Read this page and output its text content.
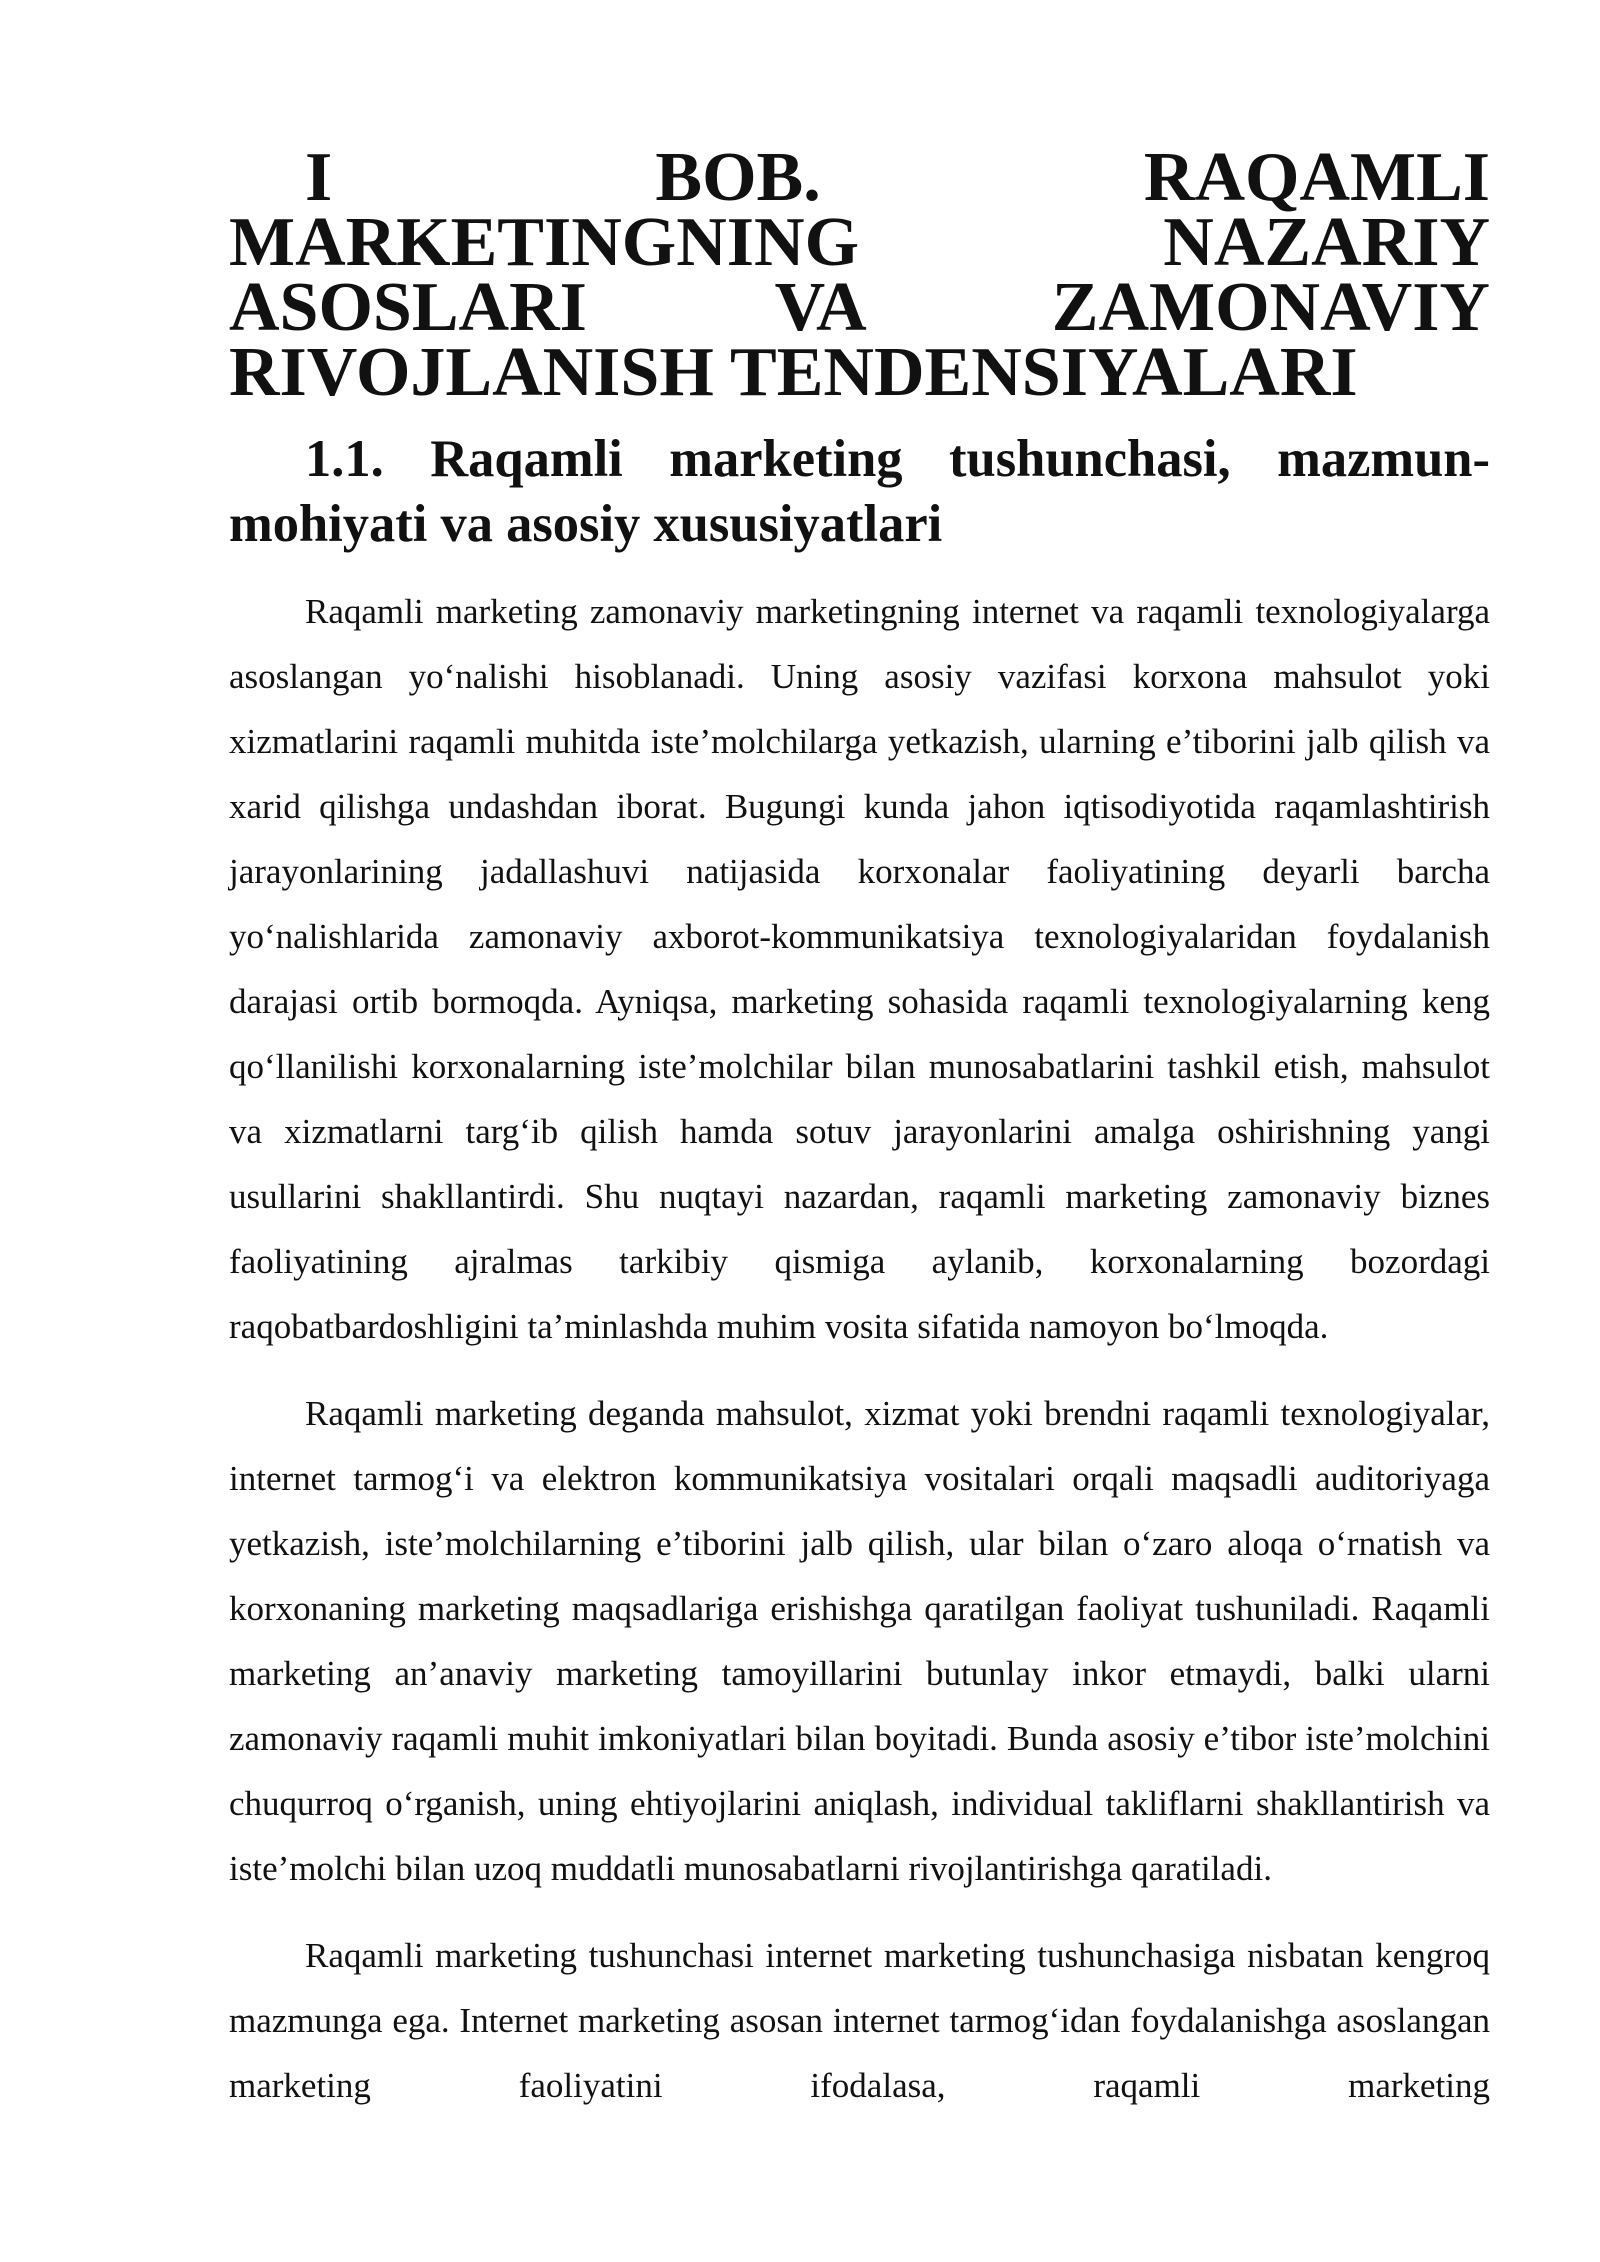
I BOB. RAQAMLI MARKETINGNING NAZARIY ASOSLARI VA ZAMONAVIY RIVOJLANISH TENDENSIYALARI
1.1. Raqamli marketing tushunchasi, mazmun-mohiyati va asosiy xususiyatlari

Raqamli marketing zamonaviy marketingning internet va raqamli texnologiyalarga asoslangan yo‘nalishi hisoblanadi. Uning asosiy vazifasi korxona mahsulot yoki xizmatlarini raqamli muhitda iste’molchilarga yetkazish, ularning e’tiborini jalb qilish va xarid qilishga undashdan iborat. Bugungi kunda jahon iqtisodiyotida raqamlashtirish jarayonlarining jadallashuvi natijasida korxonalar faoliyatining deyarli barcha yo‘nalishlarida zamonaviy axborot-kommunikatsiya texnologiyalaridan foydalanish darajasi ortib bormoqda. Ayniqsa, marketing sohasida raqamli texnologiyalarning keng qo‘llanilishi korxonalarning iste’molchilar bilan munosabatlarini tashkil etish, mahsulot va xizmatlarni targ‘ib qilish hamda sotuv jarayonlarini amalga oshirishning yangi usullarini shakllantirdi. Shu nuqtayi nazardan, raqamli marketing zamonaviy biznes faoliyatining ajralmas tarkibiy qismiga aylanib, korxonalarning bozordagi raqobatbardoshligini ta’minlashda muhim vosita sifatida namoyon bo‘lmoqda.

Raqamli marketing deganda mahsulot, xizmat yoki brendni raqamli texnologiyalar, internet tarmog‘i va elektron kommunikatsiya vositalari orqali maqsadli auditoriyaga yetkazish, iste’molchilarning e’tiborini jalb qilish, ular bilan o‘zaro aloqa o‘rnatish va korxonaning marketing maqsadlariga erishishga qaratilgan faoliyat tushuniladi. Raqamli marketing an’anaviy marketing tamoyillarini butunlay inkor etmaydi, balki ularni zamonaviy raqamli muhit imkoniyatlari bilan boyitadi. Bunda asosiy e’tibor iste’molchini chuqurroq o‘rganish, uning ehtiyojlarini aniqlash, individual takliflarni shakllantirish va iste’molchi bilan uzoq muddatli munosabatlarni rivojlantirishga qaratiladi.

Raqamli marketing tushunchasi internet marketing tushunchasiga nisbatan kengroq mazmunga ega. Internet marketing asosan internet tarmog‘idan foydalanishga asoslangan marketing faoliyatini ifodalasa, raqamli marketing
